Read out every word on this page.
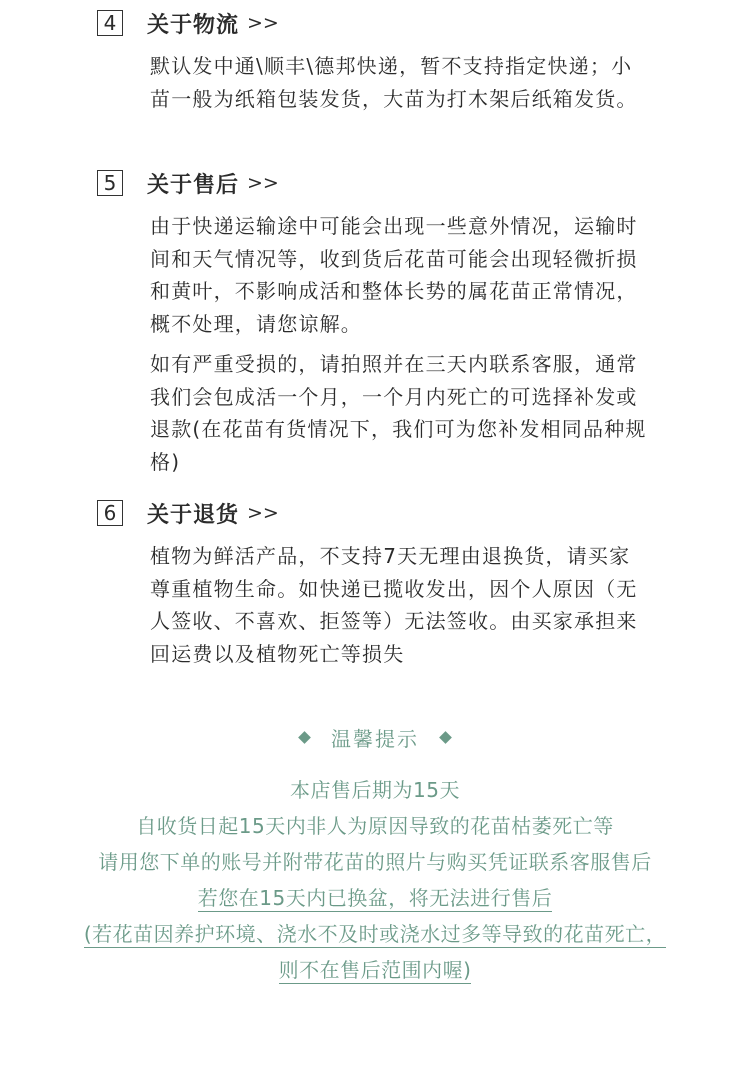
4	关于物流 >>

默认发中通\顺丰\德邦快递，暂不支持指定快递；小苗一般为纸箱包装发货，大苗为打木架后纸箱发货。

5	关于售后 >>

由于快递运输途中可能会出现一些意外情况，运输时间和天气情况等，收到货后花苗可能会出现轻微折损和黄叶，不影响成活和整体长势的属花苗正常情况，概不处理，请您谅解。

如有严重受损的，请拍照并在三天内联系客服，通常我们会包成活一个月，一个月内死亡的可选择补发或退款(在花苗有货情况下，我们可为您补发相同品种规格)

6	关于退货 >>

植物为鲜活产品，不支持7天无理由退换货，请买家尊重植物生命。如快递已揽收发出，因个人原因（无人签收、不喜欢、拒签等）无法签收。由买家承担来回运费以及植物死亡等损失

温馨提示
本店售后期为15天
自收货日起15天内非人为原因导致的花苗枯萎死亡等
请用您下单的账号并附带花苗的照片与购买凭证联系客服售后
若您在15天内已换盆，将无法进行售后
(若花苗因养护环境、浇水不及时或浇水过多等导致的花苗死亡，
则不在售后范围内喔)
